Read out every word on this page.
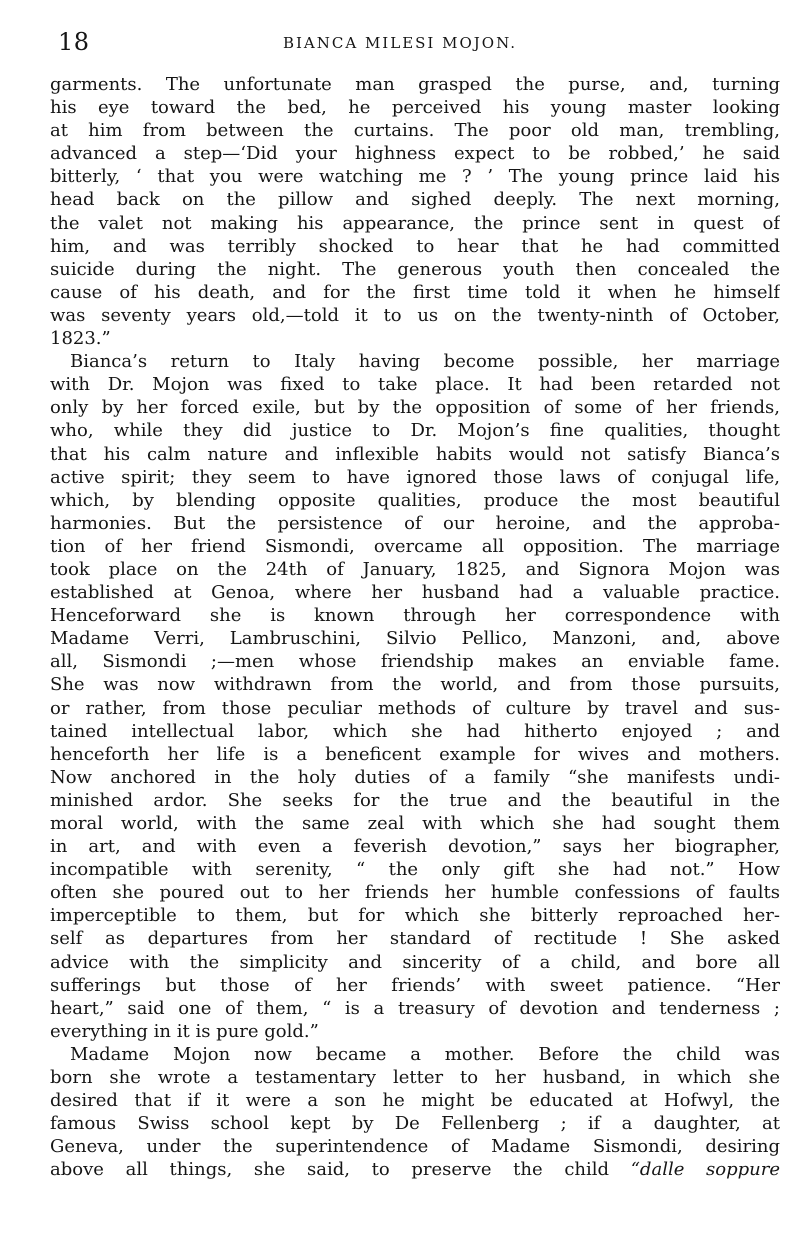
18	BIANCA MILESI MOJON.

garments. The unfortunate man grasped the purse, and, turning
his eye toward the bed, he perceived his young master looking
at him from between the curtains. The poor old man, trembling,
advanced a step—‘Did your highness expect to be robbed,’ he said
bitterly, ‘ that you were watching me ? ’ The young prince laid his
head back on the pillow and sighed deeply. The next morning,
the valet not making his appearance, the prince sent in quest of
him, and was terribly shocked to hear that he had committed
suicide during the night. The generous youth then concealed the
cause of his death, and for the first time told it when he himself
was seventy years old,—told it to us on the twenty-ninth of October,
1823.”

Bianca’s return to Italy having become possible, her marriage
with Dr. Mojon was fixed to take place. It had been retarded not
only by her forced exile, but by the opposition of some of her friends,
who, while they did justice to Dr. Mojon’s fine qualities, thought
that his calm nature and inflexible habits would not satisfy Bianca’s
active spirit; they seem to have ignored those laws of conjugal life,
which, by blending opposite qualities, produce the most beautiful
harmonies. But the persistence of our heroine, and the approba-
tion of her friend Sismondi, overcame all opposition. The marriage
took place on the 24th of January, 1825, and Signora Mojon was
established at Genoa, where her husband had a valuable practice.
Henceforward she is known through her correspondence with
Madame Verri, Lambruschini, Silvio Pellico, Manzoni, and, above
all, Sismondi ;—men whose friendship makes an enviable fame.
She was now withdrawn from the world, and from those pursuits,
or rather, from those peculiar methods of culture by travel and sus-
tained intellectual labor, which she had hitherto enjoyed ; and
henceforth her life is a beneficent example for wives and mothers.
Now anchored in the holy duties of a family “she manifests undi-
minished ardor. She seeks for the true and the beautiful in the
moral world, with the same zeal with which she had sought them
in art, and with even a feverish devotion,” says her biographer,
incompatible with serenity, “ the only gift she had not.” How
often she poured out to her friends her humble confessions of faults
imperceptible to them, but for which she bitterly reproached her-
self as departures from her standard of rectitude ! She asked
advice with the simplicity and sincerity of a child, and bore all
sufferings but those of her friends’ with sweet patience. “Her
heart,” said one of them, “ is a treasury of devotion and tenderness ;
everything in it is pure gold.”

Madame Mojon now became a mother. Before the child was
born she wrote a testamentary letter to her husband, in which she
desired that if it were a son he might be educated at Hofwyl, the
famous Swiss school kept by De Fellenberg ; if a daughter, at
Geneva, under the superintendence of Madame Sismondi, desiring
above all things, she said, to preserve the child “dalle soppure
